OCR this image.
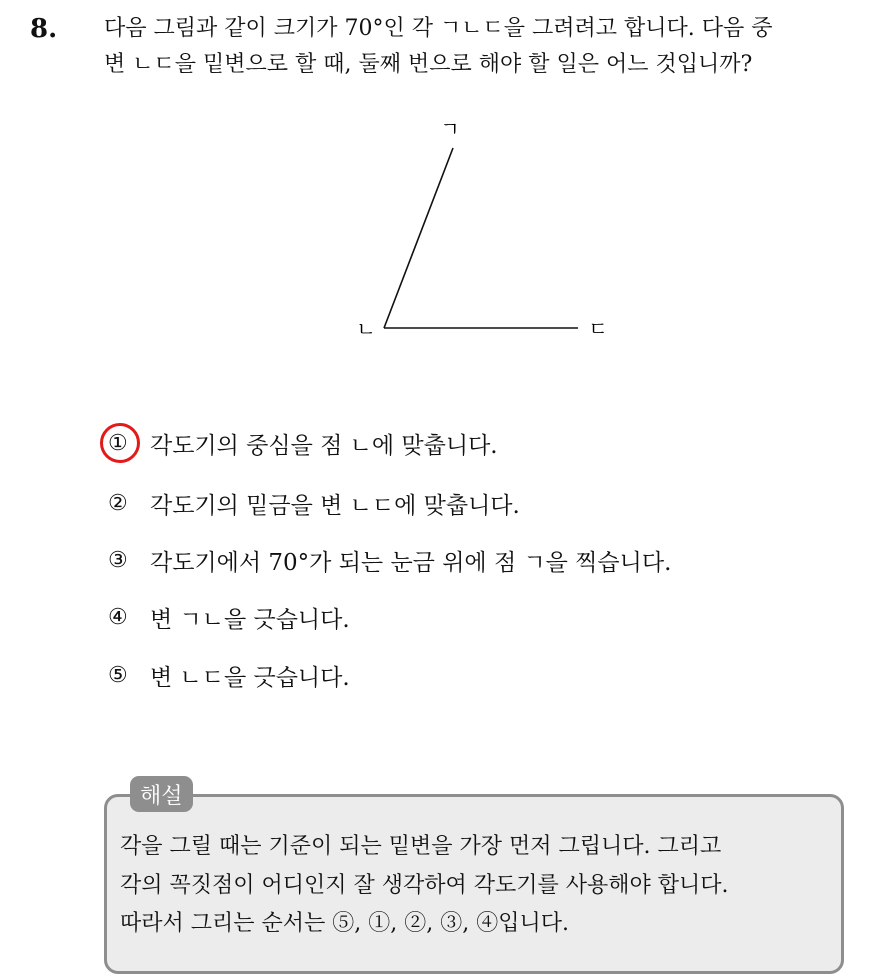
8. 다음 그림과 같이 크기가 70°인 각 ㄱㄴㄷ을 그려려고 합니다. 다음 중
변 ㄴㄷ을 밑변으로 할 때, 둘째 번으로 해야 할 일은 어느 것입니까?
ㄱ
ㄴ	ㄷ
① 각도기의 중심을 점 ㄴ에 맞춥니다.
② 각도기의 밑금을 변 ㄴㄷ에 맞춥니다.
③ 각도기에서 70°가 되는 눈금 위에 점 ㄱ을 찍습니다.
④ 변 ㄱㄴ을 긋습니다.
⑤ 변 ㄴㄷ을 긋습니다.
해설
각을 그릴 때는 기준이 되는 밑변을 가장 먼저 그립니다. 그리고
각의 꼭짓점이 어디인지 잘 생각하여 각도기를 사용해야 합니다.
따라서 그리는 순서는 ⑤, ①, ②, ③, ④입니다.
